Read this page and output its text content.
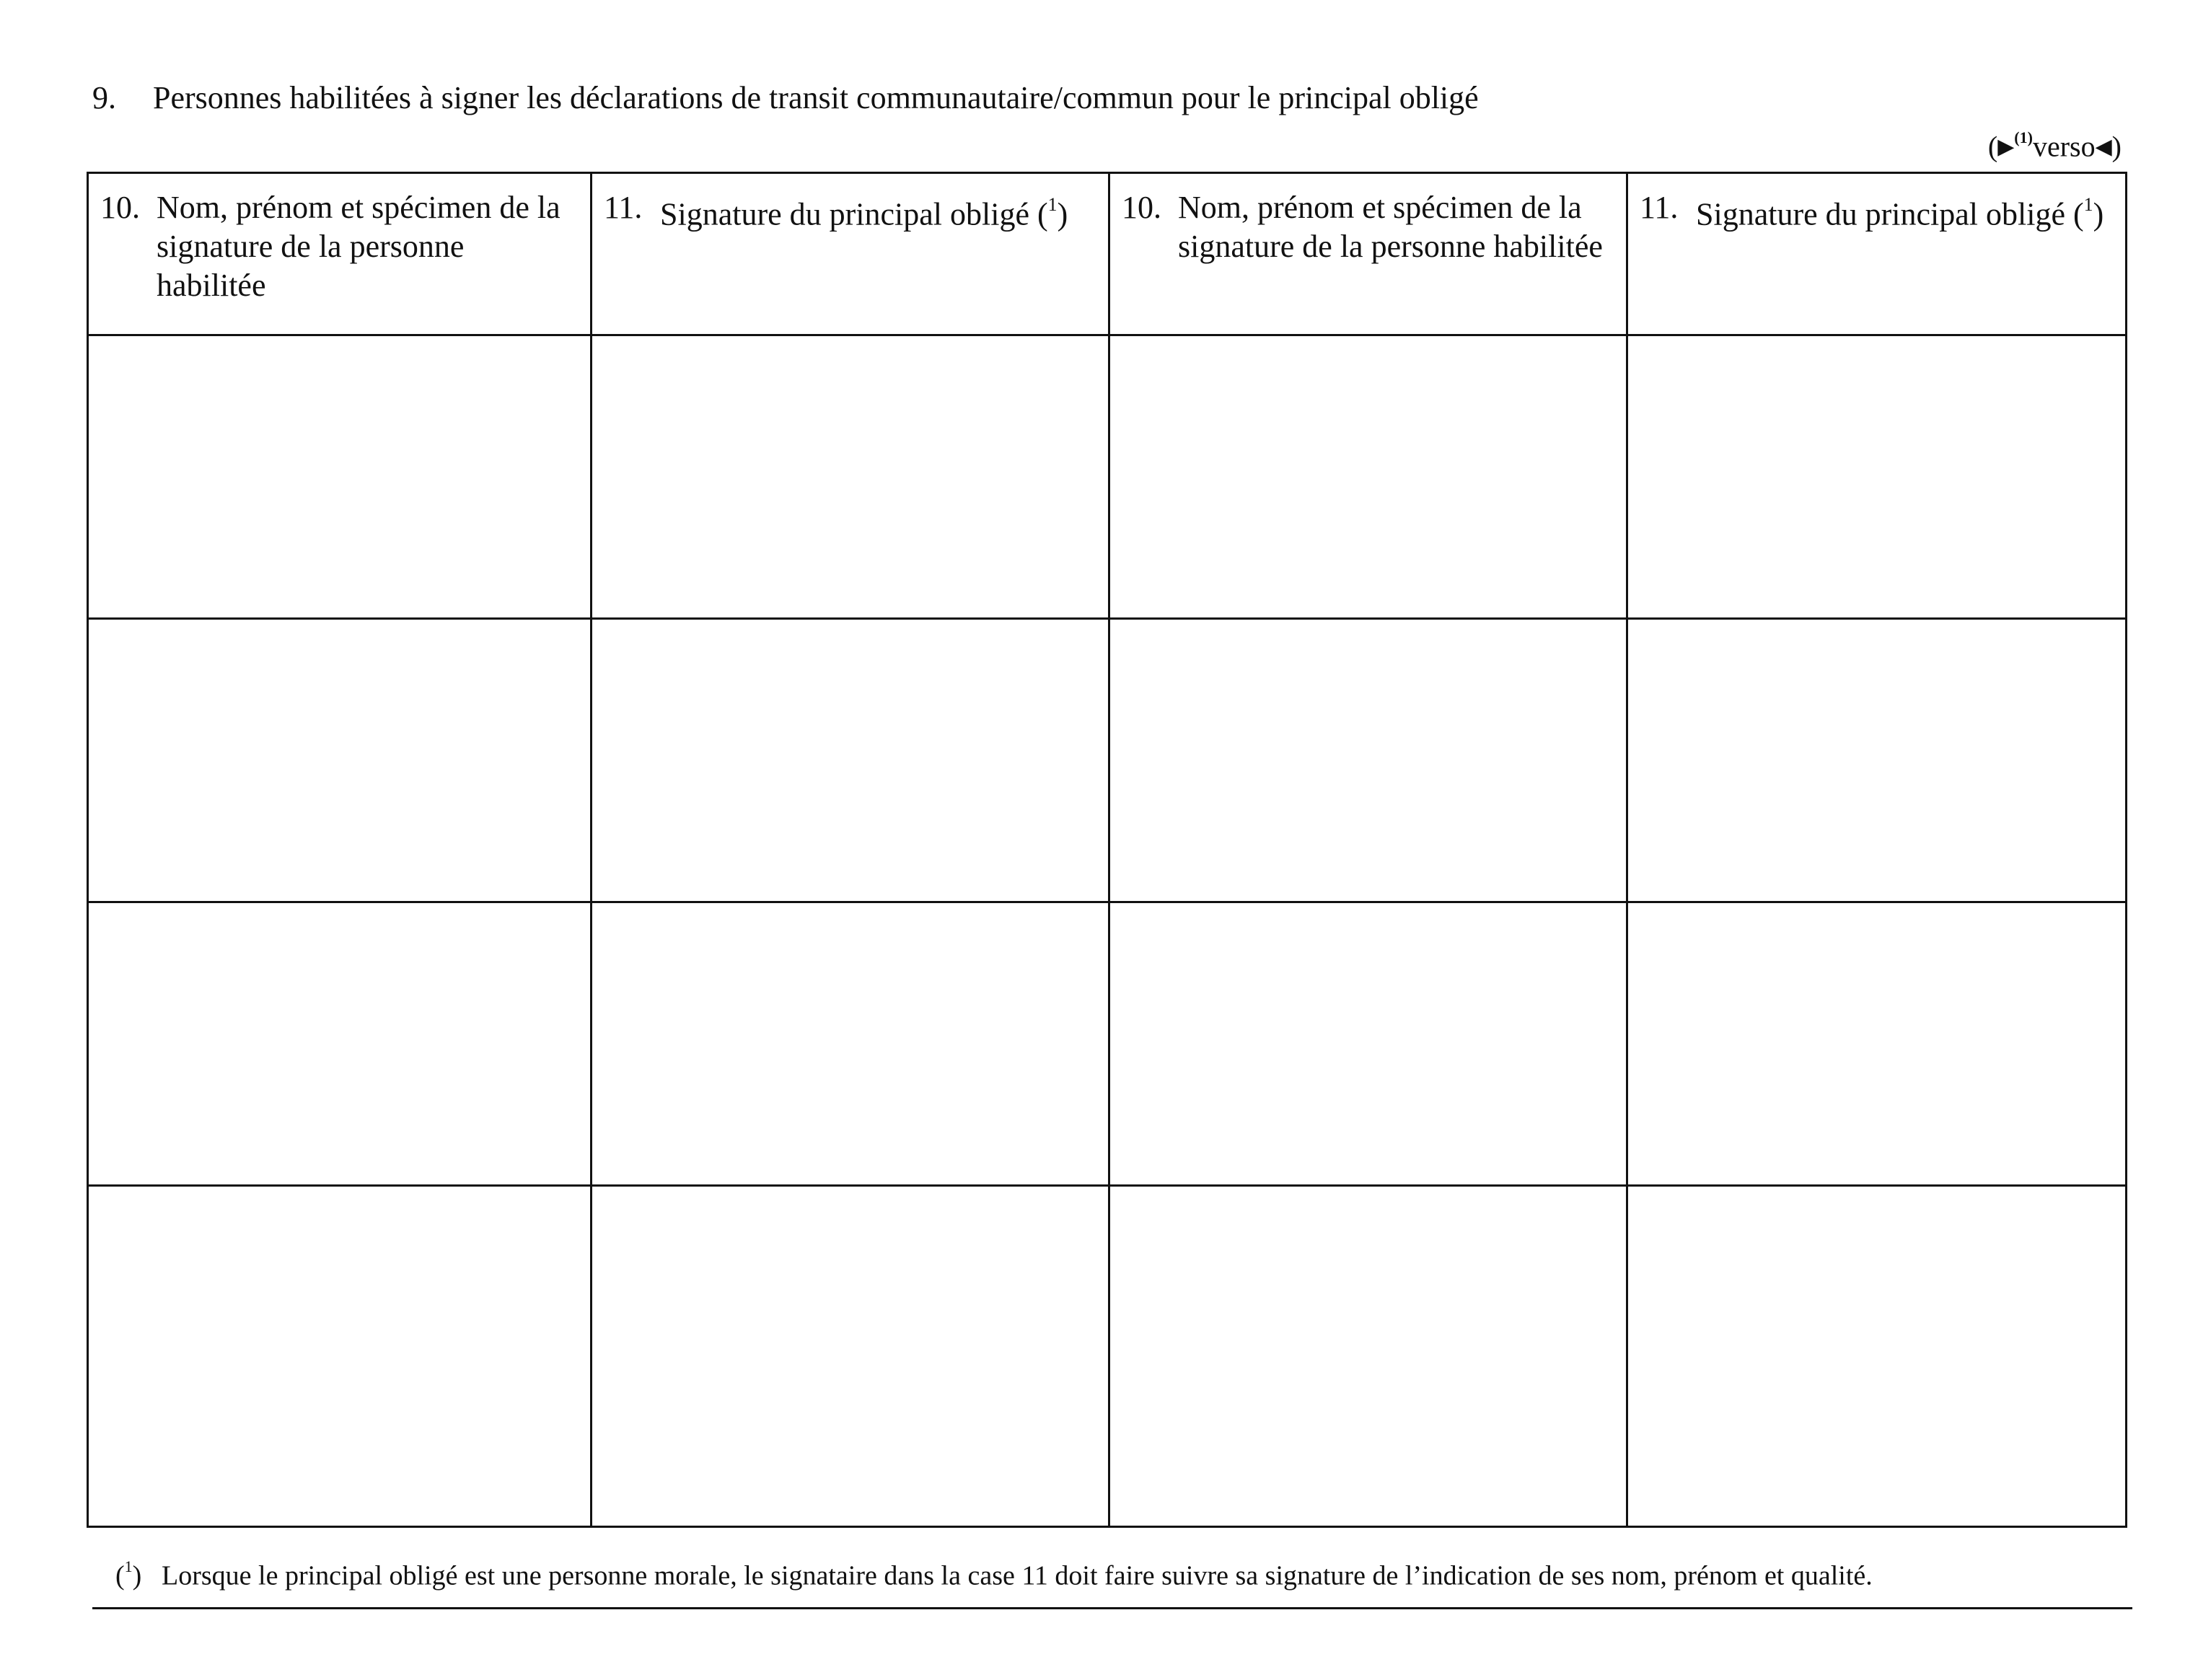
9. Personnes habilitées à signer les déclarations de transit communautaire/commun pour le principal obligé
(▶$^{(1)}$verso◀)
10. Nom, prénom et spécimen de la signature de la personne habilitée	11. Signature du principal obligé ($^1$)	10. Nom, prénom et spécimen de la signature de la personne habilitée	11. Signature du principal obligé ($^1$)

($^1$) Lorsque le principal obligé est une personne morale, le signataire dans la case 11 doit faire suivre sa signature de l’indication de ses nom, prénom et qualité.
